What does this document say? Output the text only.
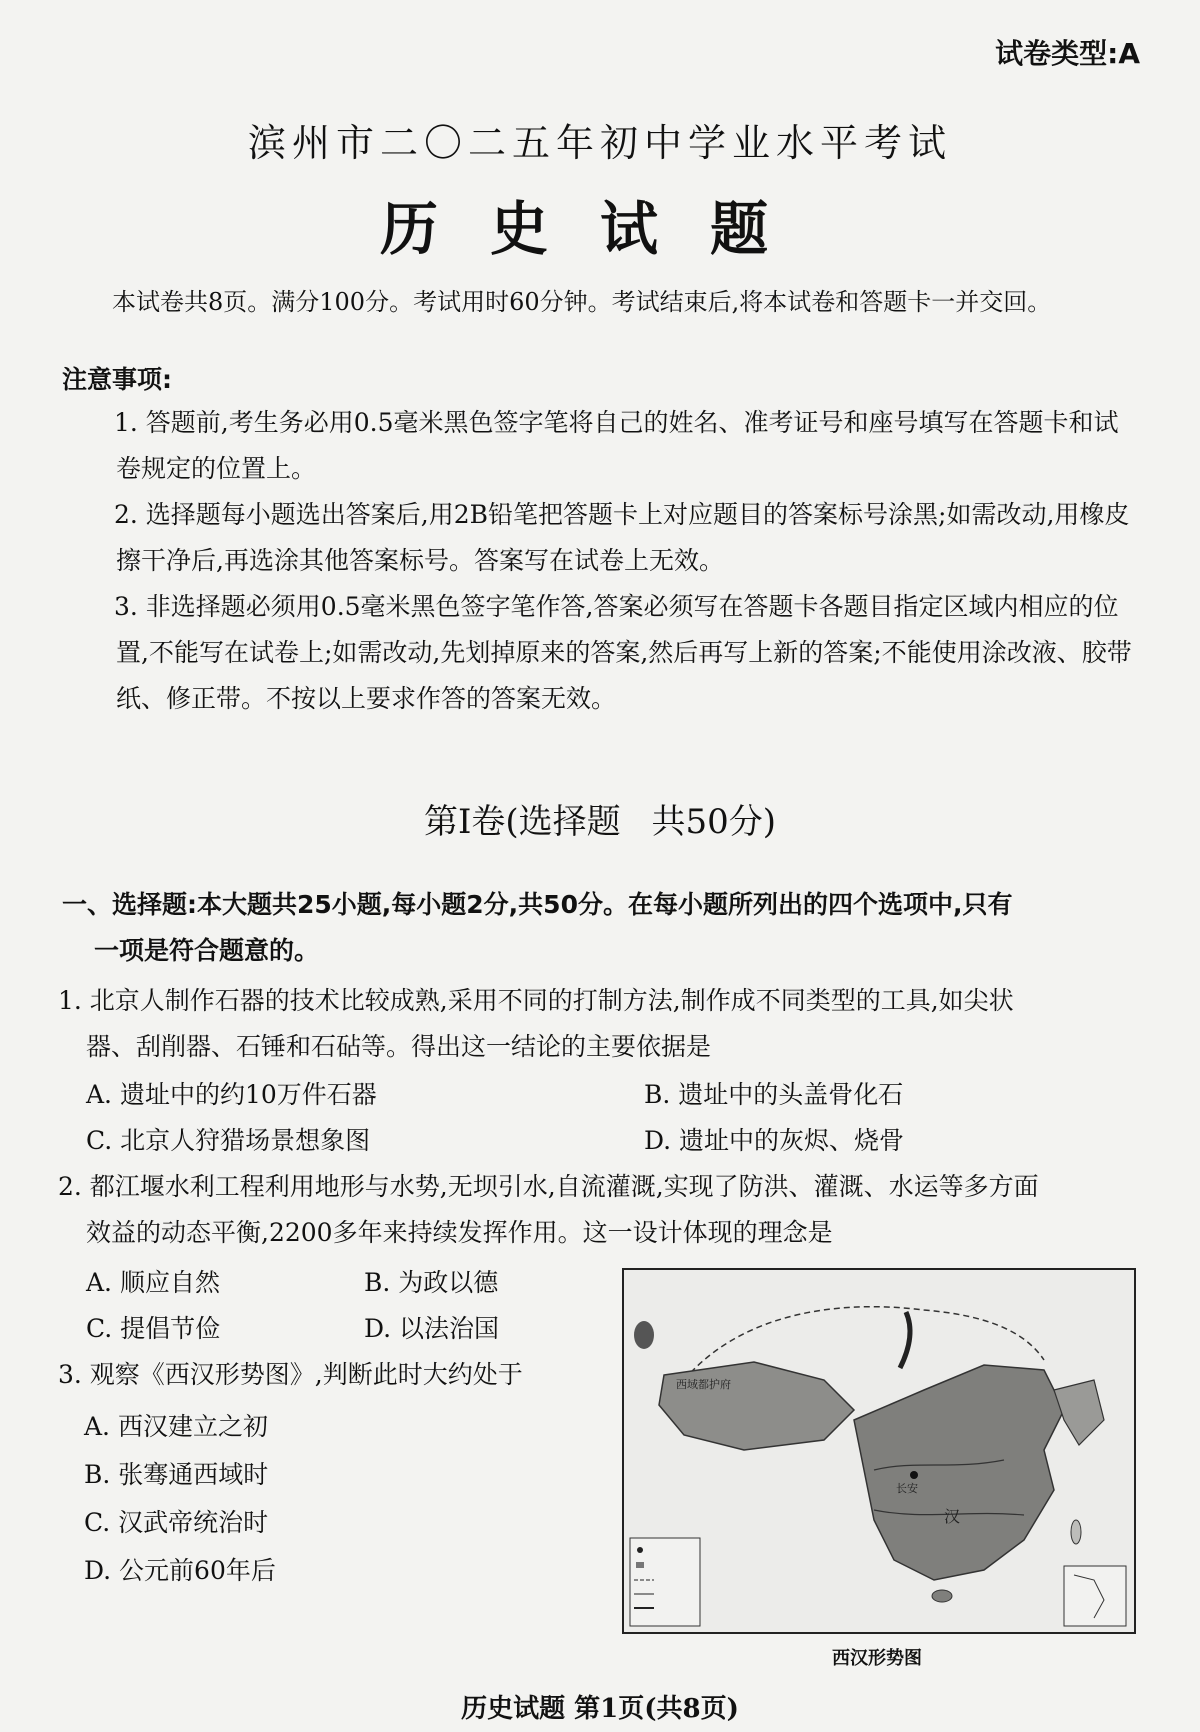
试卷类型:A
滨州市二〇二五年初中学业水平考试
历史试题
本试卷共8页。满分100分。考试用时60分钟。考试结束后,将本试卷和答题卡一并交回。
注意事项:
1. 答题前,考生务必用0.5毫米黑色签字笔将自己的姓名、准考证号和座号填写在答题卡和试卷规定的位置上。
2. 选择题每小题选出答案后,用2B铅笔把答题卡上对应题目的答案标号涂黑;如需改动,用橡皮擦干净后,再选涂其他答案标号。答案写在试卷上无效。
3. 非选择题必须用0.5毫米黑色签字笔作答,答案必须写在答题卡各题目指定区域内相应的位置,不能写在试卷上;如需改动,先划掉原来的答案,然后再写上新的答案;不能使用涂改液、胶带纸、修正带。不按以上要求作答的答案无效。
第Ⅰ卷(选择题 共50分)
一、选择题:本大题共25小题,每小题2分,共50分。在每小题所列出的四个选项中,只有
一项是符合题意的。
1. 北京人制作石器的技术比较成熟,采用不同的打制方法,制作成不同类型的工具,如尖状
器、刮削器、石锤和石砧等。得出这一结论的主要依据是
A. 遗址中的约10万件石器	B. 遗址中的头盖骨化石
C. 北京人狩猎场景想象图	D. 遗址中的灰烬、烧骨
2. 都江堰水利工程利用地形与水势,无坝引水,自流灌溉,实现了防洪、灌溉、水运等多方面
效益的动态平衡,2200多年来持续发挥作用。这一设计体现的理念是
A. 顺应自然	B. 为政以德
C. 提倡节俭	D. 以法治国
3. 观察《西汉形势图》,判断此时大约处于
A. 西汉建立之初
B. 张骞通西域时
C. 汉武帝统治时
D. 公元前60年后
西域都护府
长安
汉
西汉形势图
历史试题 第1页(共8页)
